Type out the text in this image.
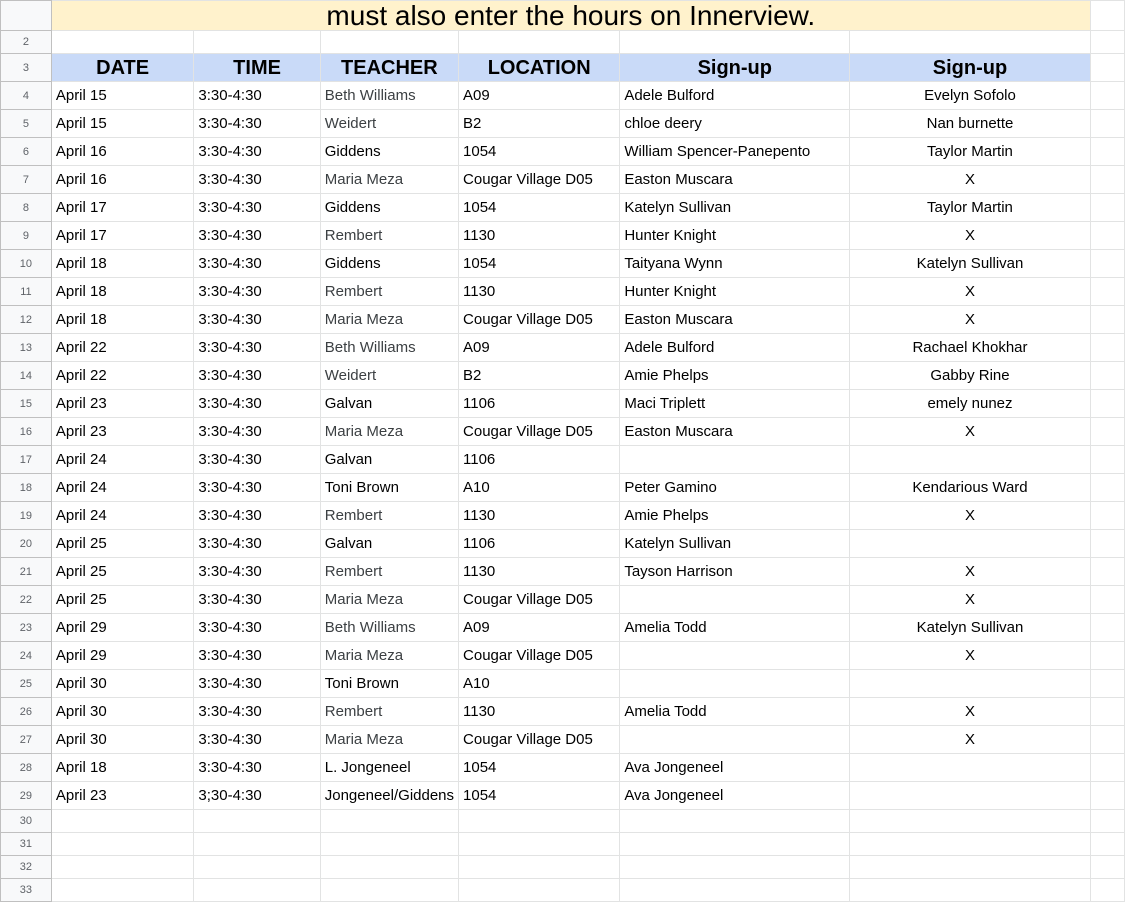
	must also enter the hours on Innerview.						
2							
3	DATE	TIME	TEACHER	LOCATION	Sign-up	Sign-up	
4	April 15	3:30-4:30	Beth Williams	A09	Adele Bulford	Evelyn Sofolo	
5	April 15	3:30-4:30	Weidert	B2	chloe deery	Nan burnette	
6	April 16	3:30-4:30	Giddens	1054	William Spencer-Panepento	Taylor Martin	
7	April 16	3:30-4:30	Maria Meza	Cougar Village D05	Easton Muscara	X	
8	April 17	3:30-4:30	Giddens	1054	Katelyn Sullivan	Taylor Martin	
9	April 17	3:30-4:30	Rembert	1130	Hunter Knight	X	
10	April 18	3:30-4:30	Giddens	1054	Taityana Wynn	Katelyn Sullivan	
11	April 18	3:30-4:30	Rembert	1130	Hunter Knight	X	
12	April 18	3:30-4:30	Maria Meza	Cougar Village D05	Easton Muscara	X	
13	April 22	3:30-4:30	Beth Williams	A09	Adele Bulford	Rachael Khokhar	
14	April 22	3:30-4:30	Weidert	B2	Amie Phelps	Gabby Rine	
15	April 23	3:30-4:30	Galvan	1106	Maci Triplett	emely nunez	
16	April 23	3:30-4:30	Maria Meza	Cougar Village D05	Easton Muscara	X	
17	April 24	3:30-4:30	Galvan	1106			
18	April 24	3:30-4:30	Toni Brown	A10	Peter Gamino	Kendarious Ward	
19	April 24	3:30-4:30	Rembert	1130	Amie Phelps	X	
20	April 25	3:30-4:30	Galvan	1106	Katelyn Sullivan		
21	April 25	3:30-4:30	Rembert	1130	Tayson Harrison	X	
22	April 25	3:30-4:30	Maria Meza	Cougar Village D05		X	
23	April 29	3:30-4:30	Beth Williams	A09	Amelia Todd	Katelyn Sullivan	
24	April 29	3:30-4:30	Maria Meza	Cougar Village D05		X	
25	April 30	3:30-4:30	Toni Brown	A10			
26	April 30	3:30-4:30	Rembert	1130	Amelia Todd	X	
27	April 30	3:30-4:30	Maria Meza	Cougar Village D05		X	
28	April 18	3:30-4:30	L. Jongeneel	1054	Ava Jongeneel		
29	April 23	3;30-4:30	Jongeneel/Giddens	1054	Ava Jongeneel		
30							
31							
32							
33							
